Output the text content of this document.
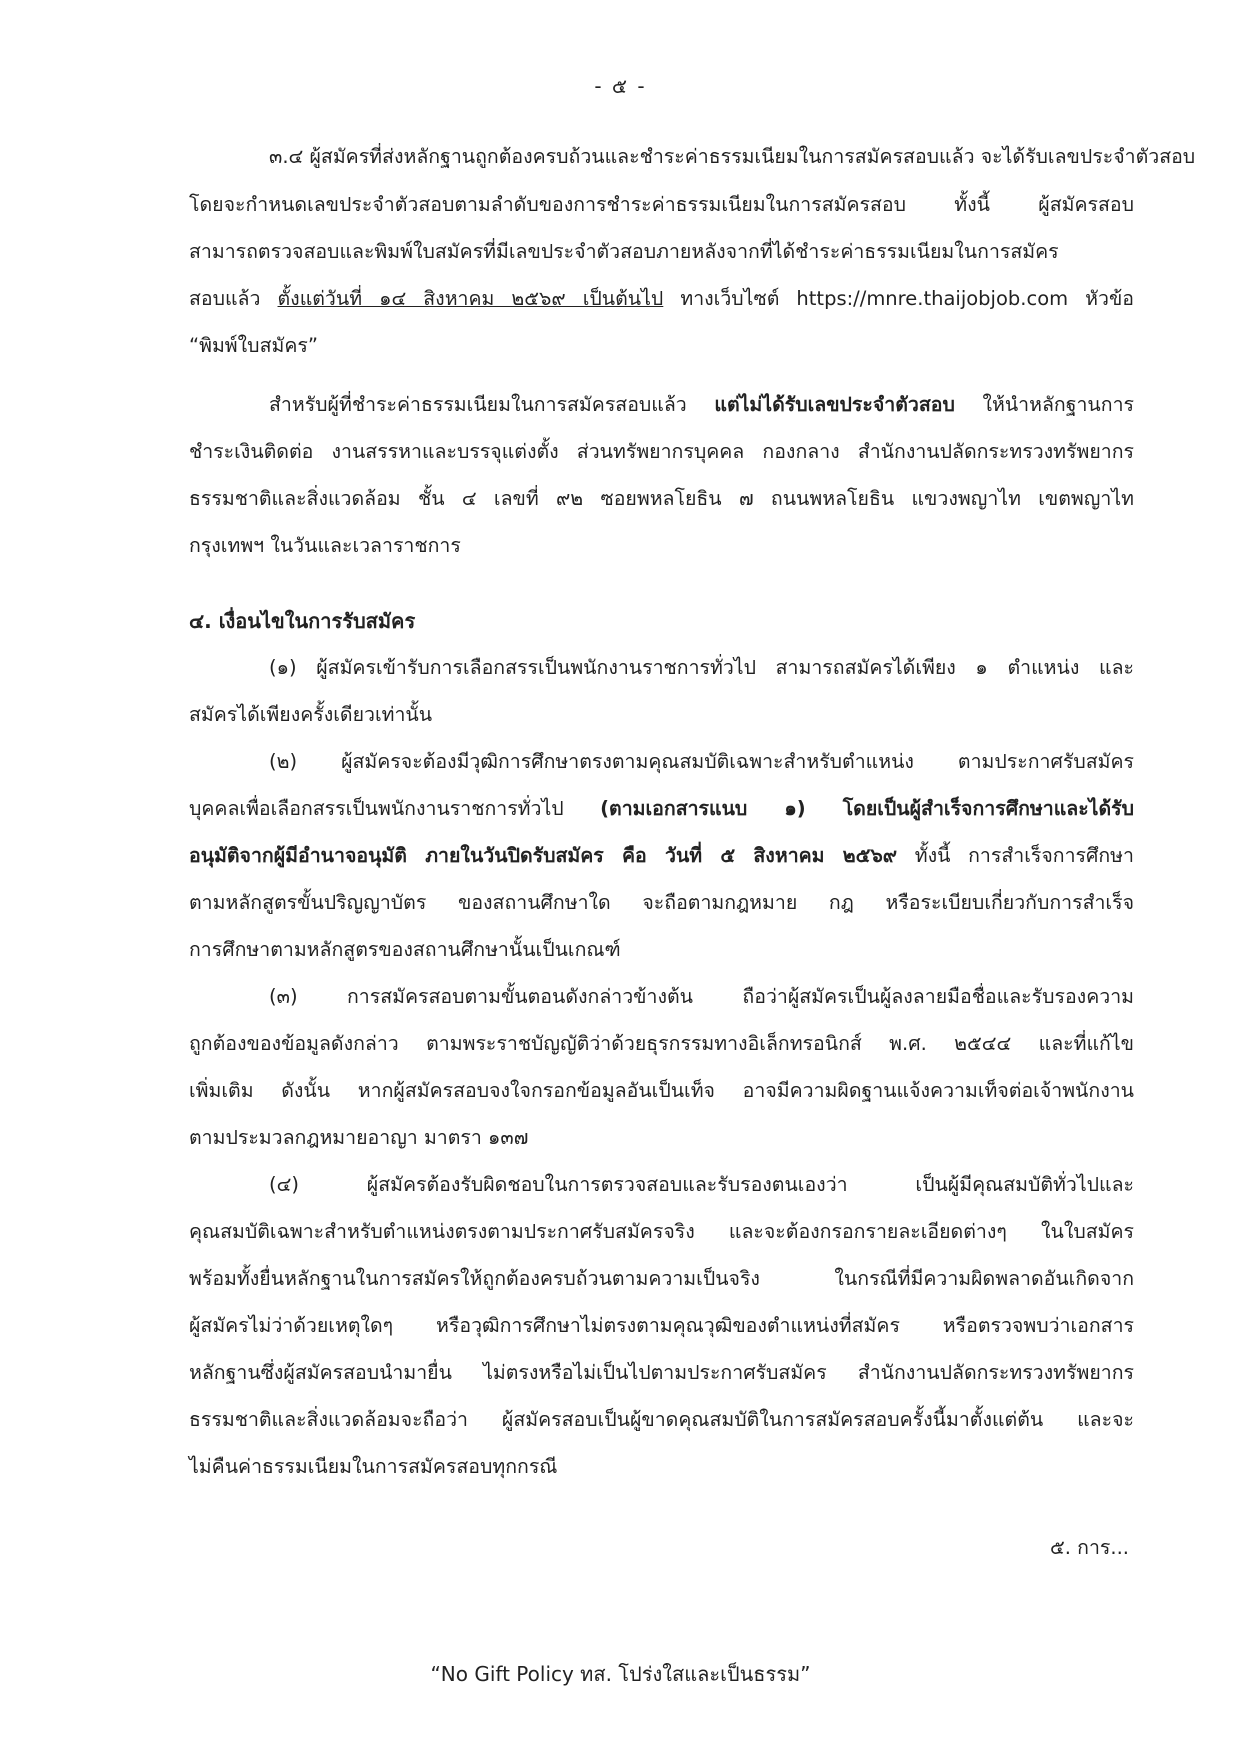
- ๕ -
๓.๔ ผู้สมัครที่ส่งหลักฐานถูกต้องครบถ้วนและชำระค่าธรรมเนียมในการสมัครสอบแล้ว จะได้รับเลขประจำตัวสอบ
โดยจะกำหนดเลขประจำตัวสอบตามลำดับของการชำระค่าธรรมเนียมในการสมัครสอบ ทั้งนี้ ผู้สมัครสอบ
สามารถตรวจสอบและพิมพ์ใบสมัครที่มีเลขประจำตัวสอบภายหลังจากที่ได้ชำระค่าธรรมเนียมในการสมัคร
สอบแล้ว ตั้งแต่วันที่ ๑๔ สิงหาคม ๒๕๖๙ เป็นต้นไป ทางเว็บไซต์ https://mnre.thaijobjob.com หัวข้อ
“พิมพ์ใบสมัคร”
สำหรับผู้ที่ชำระค่าธรรมเนียมในการสมัครสอบแล้ว แต่ไม่ได้รับเลขประจำตัวสอบ ให้นำหลักฐานการ
ชำระเงินติดต่อ งานสรรหาและบรรจุแต่งตั้ง ส่วนทรัพยากรบุคคล กองกลาง สำนักงานปลัดกระทรวงทรัพยากร
ธรรมชาติและสิ่งแวดล้อม ชั้น ๔ เลขที่ ๙๒ ซอยพหลโยธิน ๗ ถนนพหลโยธิน แขวงพญาไท เขตพญาไท
กรุงเทพฯ ในวันและเวลาราชการ
๔. เงื่อนไขในการรับสมัคร
(๑) ผู้สมัครเข้ารับการเลือกสรรเป็นพนักงานราชการทั่วไป สามารถสมัครได้เพียง ๑ ตำแหน่ง และ
สมัครได้เพียงครั้งเดียวเท่านั้น
(๒) ผู้สมัครจะต้องมีวุฒิการศึกษาตรงตามคุณสมบัติเฉพาะสำหรับตำแหน่ง ตามประกาศรับสมัคร
บุคคลเพื่อเลือกสรรเป็นพนักงานราชการทั่วไป (ตามเอกสารแนบ ๑) โดยเป็นผู้สำเร็จการศึกษาและได้รับ
อนุมัติจากผู้มีอำนาจอนุมัติ ภายในวันปิดรับสมัคร คือ วันที่ ๕ สิงหาคม ๒๕๖๙ ทั้งนี้ การสำเร็จการศึกษา
ตามหลักสูตรขั้นปริญญาบัตร ของสถานศึกษาใด จะถือตามกฎหมาย กฎ หรือระเบียบเกี่ยวกับการสำเร็จ
การศึกษาตามหลักสูตรของสถานศึกษานั้นเป็นเกณฑ์
(๓) การสมัครสอบตามขั้นตอนดังกล่าวข้างต้น ถือว่าผู้สมัครเป็นผู้ลงลายมือชื่อและรับรองความ
ถูกต้องของข้อมูลดังกล่าว ตามพระราชบัญญัติว่าด้วยธุรกรรมทางอิเล็กทรอนิกส์ พ.ศ. ๒๕๔๔ และที่แก้ไข
เพิ่มเติม ดังนั้น หากผู้สมัครสอบจงใจกรอกข้อมูลอันเป็นเท็จ อาจมีความผิดฐานแจ้งความเท็จต่อเจ้าพนักงาน
ตามประมวลกฎหมายอาญา มาตรา ๑๓๗
(๔) ผู้สมัครต้องรับผิดชอบในการตรวจสอบและรับรองตนเองว่า เป็นผู้มีคุณสมบัติทั่วไปและ
คุณสมบัติเฉพาะสำหรับตำแหน่งตรงตามประกาศรับสมัครจริง และจะต้องกรอกรายละเอียดต่างๆ ในใบสมัคร
พร้อมทั้งยื่นหลักฐานในการสมัครให้ถูกต้องครบถ้วนตามความเป็นจริง ในกรณีที่มีความผิดพลาดอันเกิดจาก
ผู้สมัครไม่ว่าด้วยเหตุใดๆ หรือวุฒิการศึกษาไม่ตรงตามคุณวุฒิของตำแหน่งที่สมัคร หรือตรวจพบว่าเอกสาร
หลักฐานซึ่งผู้สมัครสอบนำมายื่น ไม่ตรงหรือไม่เป็นไปตามประกาศรับสมัคร สำนักงานปลัดกระทรวงทรัพยากร
ธรรมชาติและสิ่งแวดล้อมจะถือว่า ผู้สมัครสอบเป็นผู้ขาดคุณสมบัติในการสมัครสอบครั้งนี้มาตั้งแต่ต้น และจะ
ไม่คืนค่าธรรมเนียมในการสมัครสอบทุกกรณี
๕. การ...
“No Gift Policy ทส. โปร่งใสและเป็นธรรม”
